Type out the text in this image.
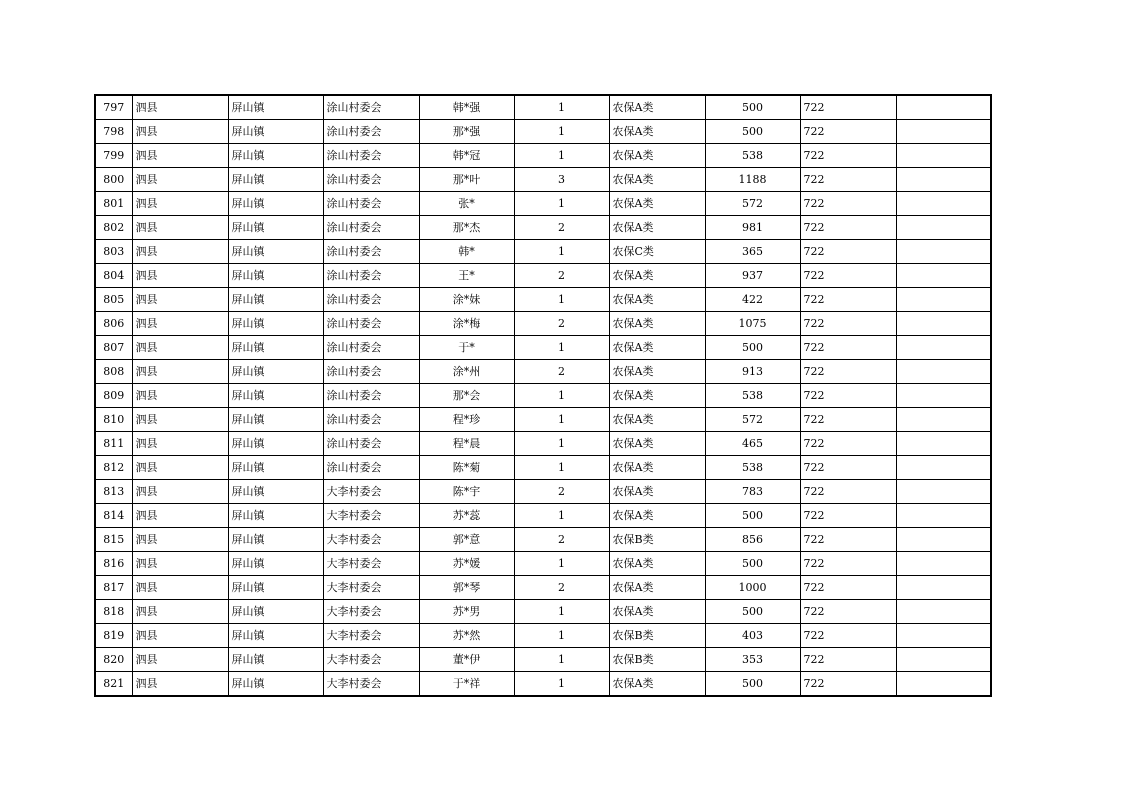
797	泗县	屏山镇	涂山村委会	韩*强	1	农保A类	500	722	
798	泗县	屏山镇	涂山村委会	那*强	1	农保A类	500	722	
799	泗县	屏山镇	涂山村委会	韩*冠	1	农保A类	538	722	
800	泗县	屏山镇	涂山村委会	那*叶	3	农保A类	1188	722	
801	泗县	屏山镇	涂山村委会	张*	1	农保A类	572	722	
802	泗县	屏山镇	涂山村委会	那*杰	2	农保A类	981	722	
803	泗县	屏山镇	涂山村委会	韩*	1	农保C类	365	722	
804	泗县	屏山镇	涂山村委会	王*	2	农保A类	937	722	
805	泗县	屏山镇	涂山村委会	涂*妹	1	农保A类	422	722	
806	泗县	屏山镇	涂山村委会	涂*梅	2	农保A类	1075	722	
807	泗县	屏山镇	涂山村委会	于*	1	农保A类	500	722	
808	泗县	屏山镇	涂山村委会	涂*州	2	农保A类	913	722	
809	泗县	屏山镇	涂山村委会	那*会	1	农保A类	538	722	
810	泗县	屏山镇	涂山村委会	程*珍	1	农保A类	572	722	
811	泗县	屏山镇	涂山村委会	程*晨	1	农保A类	465	722	
812	泗县	屏山镇	涂山村委会	陈*菊	1	农保A类	538	722	
813	泗县	屏山镇	大李村委会	陈*宇	2	农保A类	783	722	
814	泗县	屏山镇	大李村委会	苏*蕊	1	农保A类	500	722	
815	泗县	屏山镇	大李村委会	郭*意	2	农保B类	856	722	
816	泗县	屏山镇	大李村委会	苏*媛	1	农保A类	500	722	
817	泗县	屏山镇	大李村委会	郭*琴	2	农保A类	1000	722	
818	泗县	屏山镇	大李村委会	苏*男	1	农保A类	500	722	
819	泗县	屏山镇	大李村委会	苏*然	1	农保B类	403	722	
820	泗县	屏山镇	大李村委会	董*伊	1	农保B类	353	722	
821	泗县	屏山镇	大李村委会	于*祥	1	农保A类	500	722	
